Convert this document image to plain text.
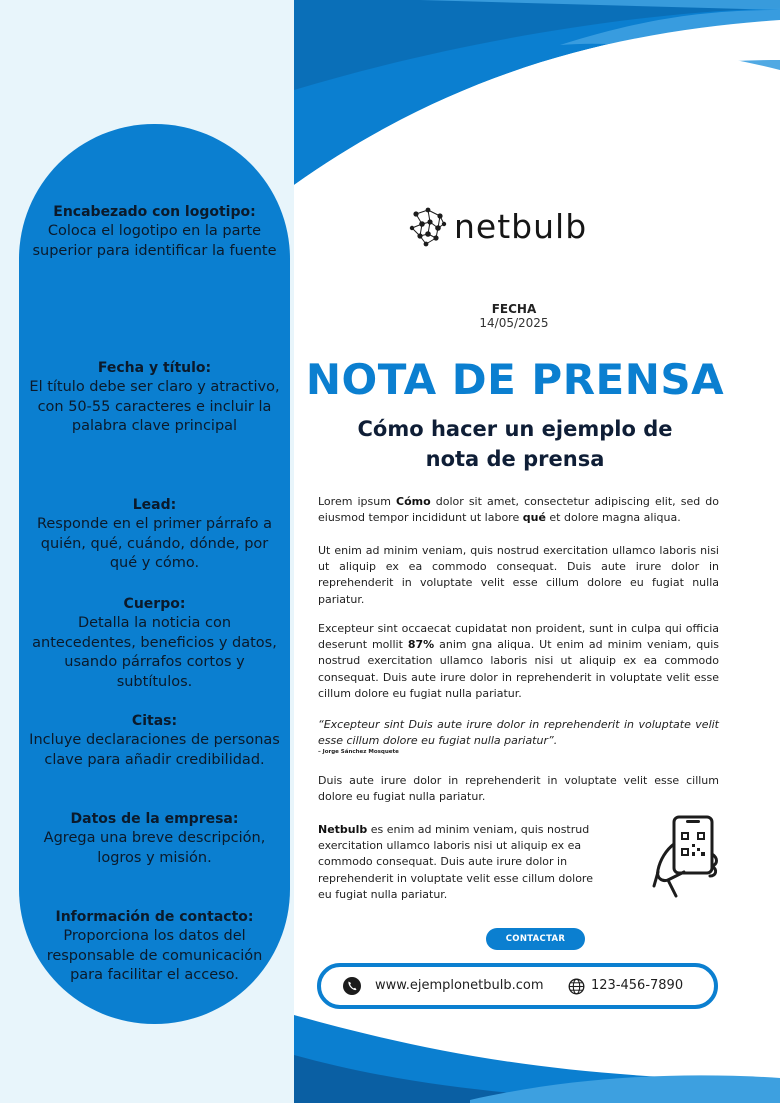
Encabezado con logotipo:
Coloca el logotipo en la parte superior para identificar la fuente
Fecha y título:
El título debe ser claro y atractivo, con 50-55 caracteres e incluir la palabra clave principal
Lead:
Responde en el primer párrafo a quién, qué, cuándo, dónde, por qué y cómo.
Cuerpo:
Detalla la noticia con antecedentes, beneficios y datos, usando párrafos cortos y subtítulos.
Citas:
Incluye declaraciones de personas clave para añadir credibilidad.
Datos de la empresa:
Agrega una breve descripción, logros y misión.
Información de contacto:
Proporciona los datos del responsable de comunicación para facilitar el acceso.
netbulb
FECHA
14/05/2025
NOTA DE PRENSA
Cómo hacer un ejemplo de nota de prensa
Lorem ipsum Cómo dolor sit amet, consectetur adipiscing elit, sed do eiusmod tempor incididunt ut labore qué et dolore magna aliqua.
Ut enim ad minim veniam, quis nostrud exercitation ullamco laboris nisi ut aliquip ex ea commodo consequat. Duis aute irure dolor in reprehenderit in voluptate velit esse cillum dolore eu fugiat nulla pariatur.
Excepteur sint occaecat cupidatat non proident, sunt in culpa qui officia deserunt mollit 87% anim gna aliqua. Ut enim ad minim veniam, quis nostrud exercitation ullamco laboris nisi ut aliquip ex ea commodo consequat. Duis aute irure dolor in reprehenderit in voluptate velit esse cillum dolore eu fugiat nulla pariatur.
“Excepteur sint Duis aute irure dolor in reprehenderit in voluptate velit esse cillum dolore eu fugiat nulla pariatur”.
– Jorge Sánchez Mosquete
Duis aute irure dolor in reprehenderit in voluptate velit esse cillum dolore eu fugiat nulla pariatur.
Netbulb es enim ad minim veniam, quis nostrud exercitation ullamco laboris nisi ut aliquip ex ea commodo consequat. Duis aute irure dolor in reprehenderit in voluptate velit esse cillum dolore eu fugiat nulla pariatur.
CONTACTAR
www.ejemplonetbulb.com	123-456-7890
